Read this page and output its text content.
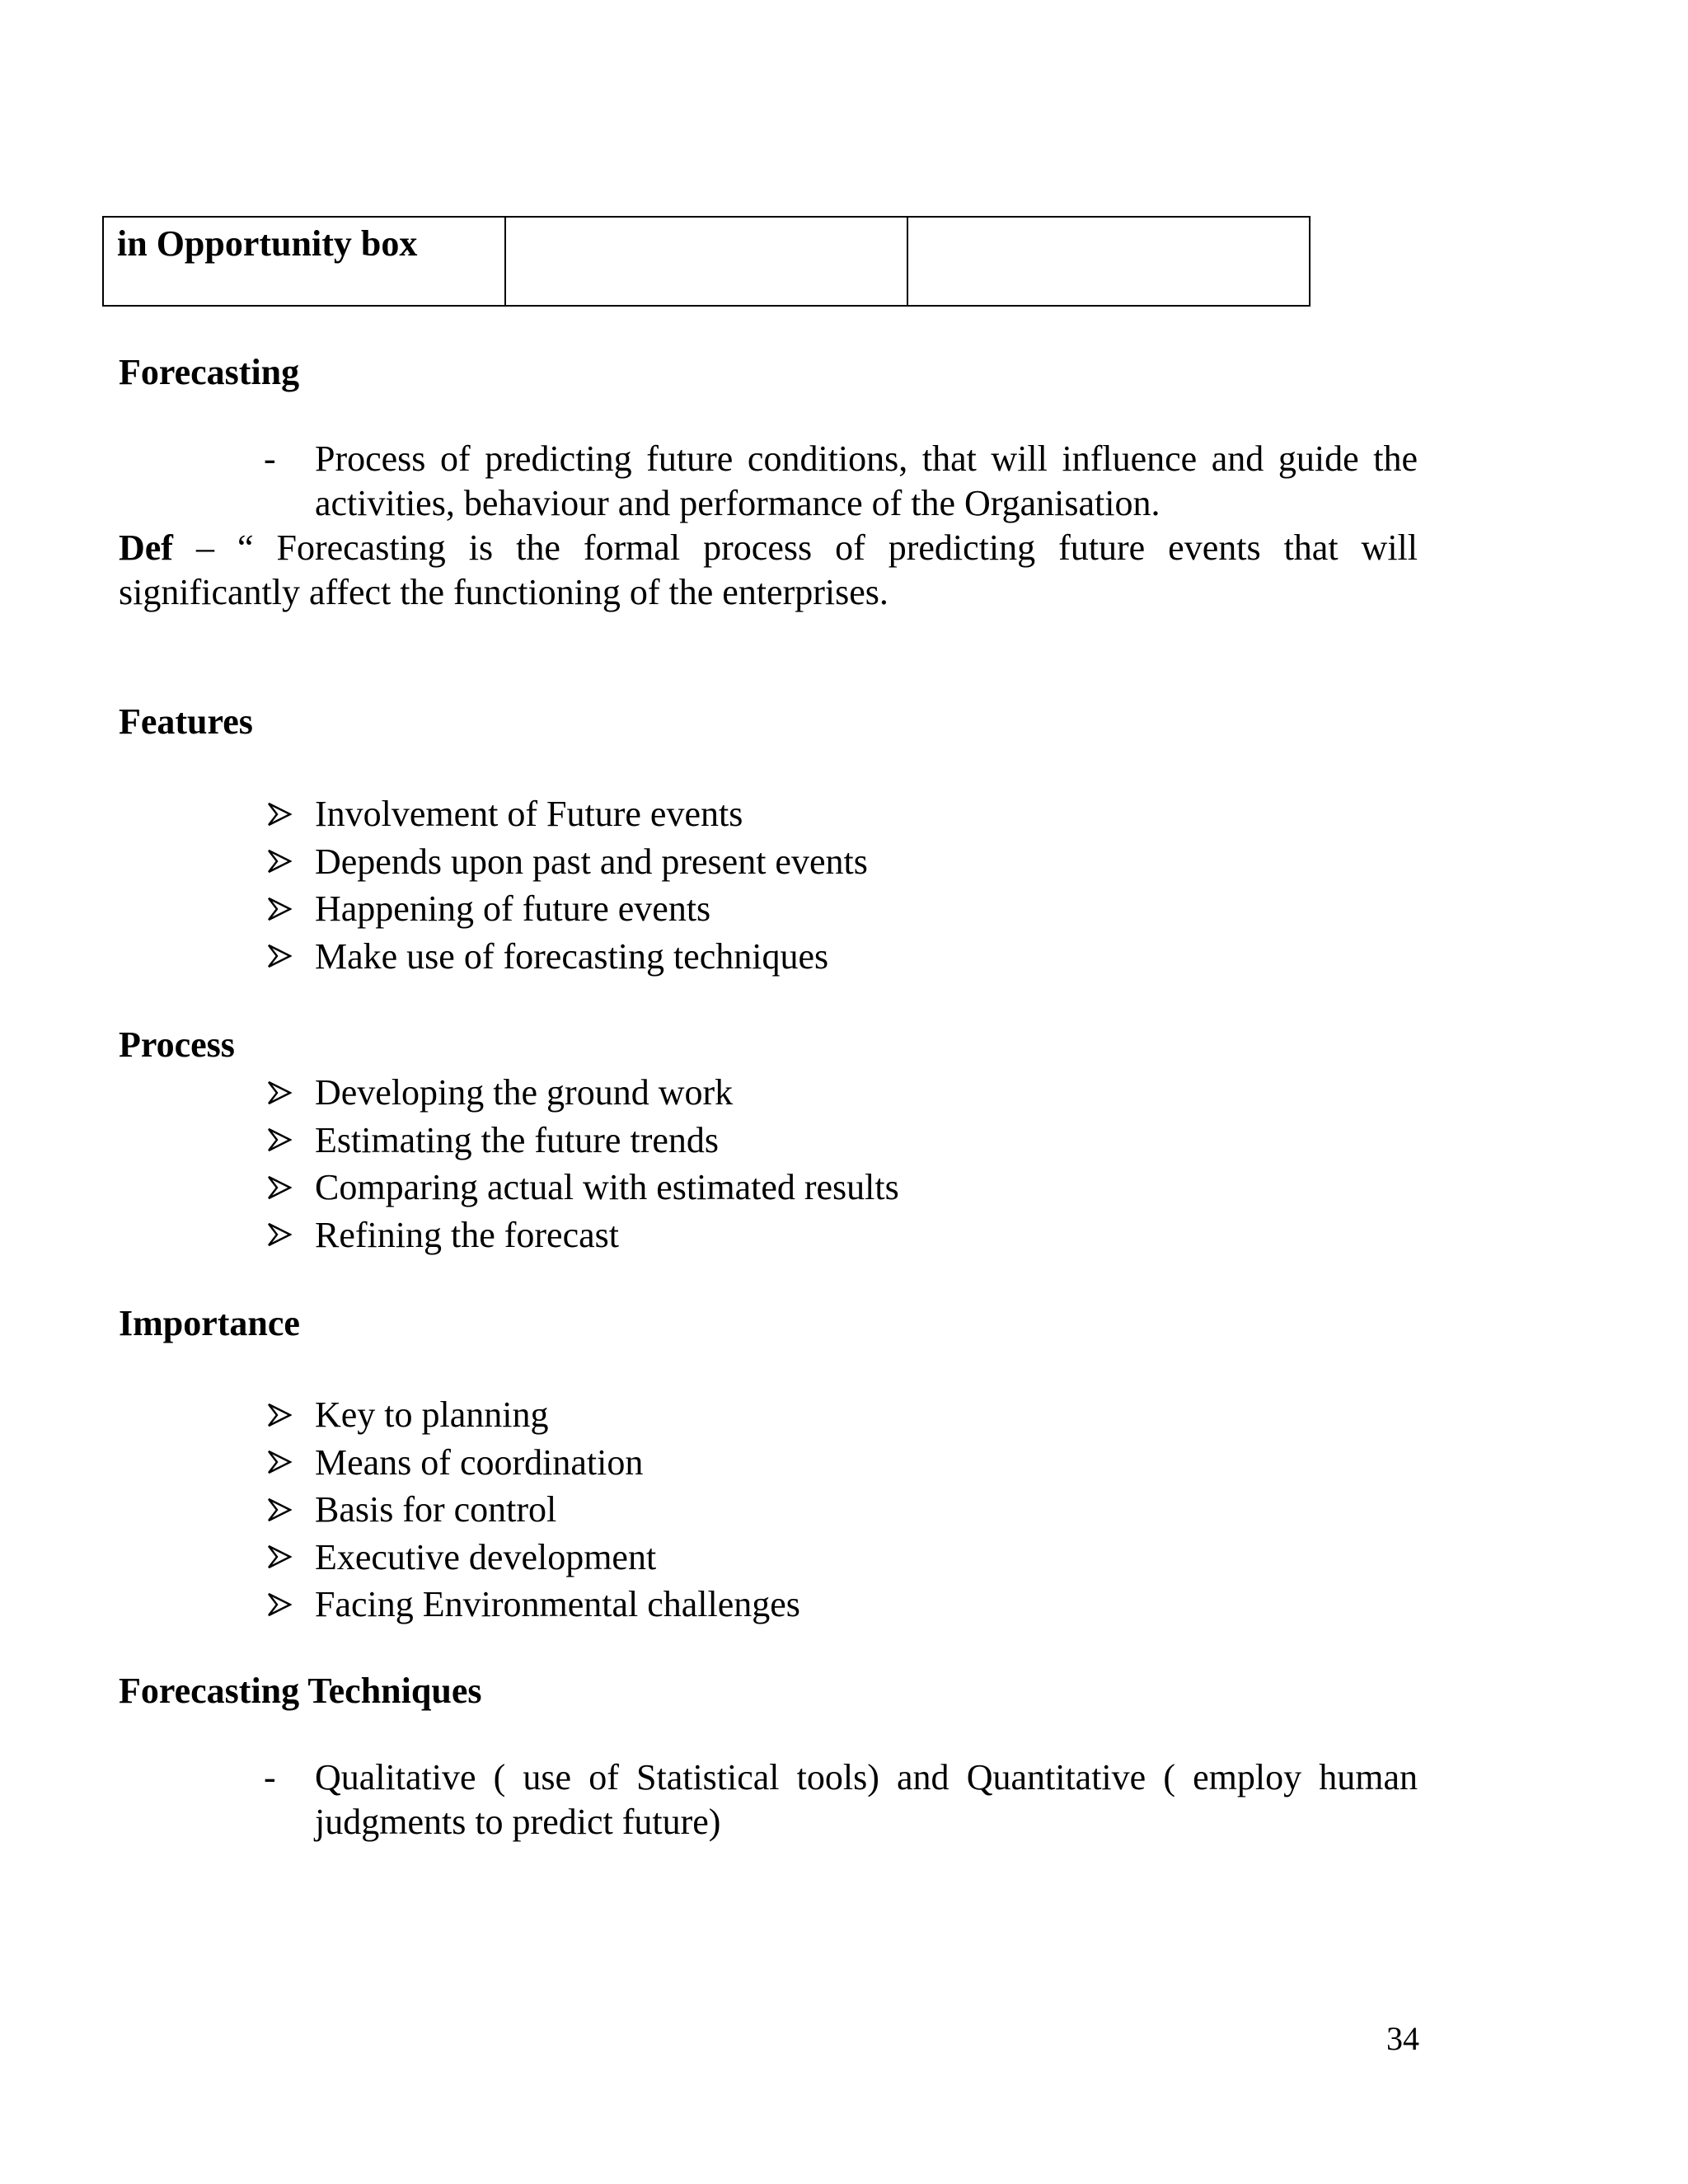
in Opportunity box		
Forecasting
-	Process of predicting future conditions, that will influence and guide the activities, behaviour and performance of the Organisation.
Def – “ Forecasting is the formal process of predicting future events that will significantly affect the functioning of the enterprises.
Features
Involvement of Future events
Depends upon past and present events
Happening of future events
Make use of forecasting techniques
Process
Developing the ground work
Estimating the future trends
Comparing actual with estimated results
Refining the forecast
Importance
Key to planning
Means of coordination
Basis for control
Executive development
Facing Environmental challenges
Forecasting Techniques
-	Qualitative ( use of Statistical tools) and Quantitative ( employ human judgments to predict future)
34
